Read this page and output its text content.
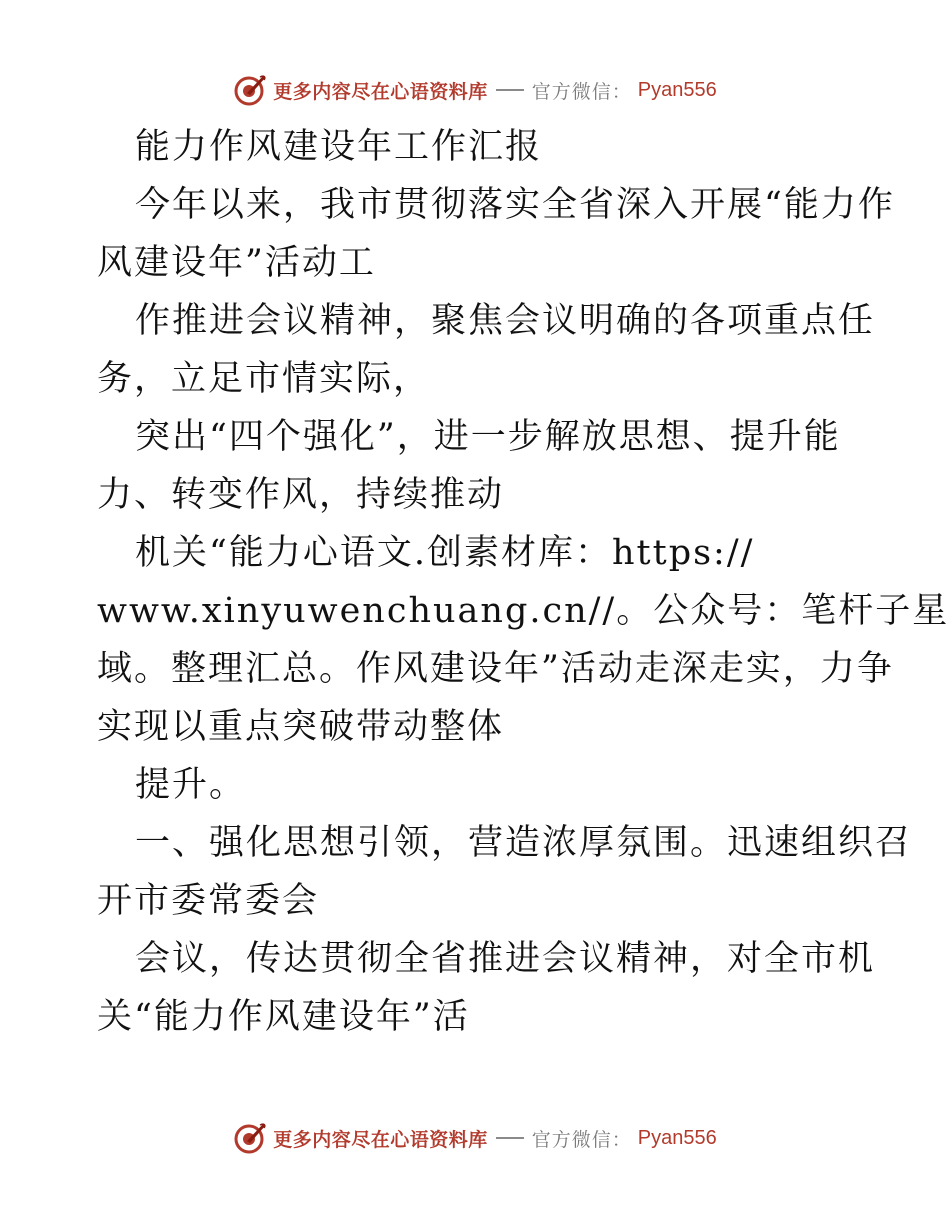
更多内容尽在心语资料库 官方微信： Pyan556
能力作风建设年工作汇报
今年以来，我市贯彻落实全省深入开展“能力作
风建设年”活动工
作推进会议精神，聚焦会议明确的各项重点任
务，立足市情实际，
突出“四个强化”，进一步解放思想、提升能
力、转变作风，持续推动
机关“能力心语文.创素材库：https://
www.xinyuwenchuang.cn//。公众号：笔杆子星
域。整理汇总。作风建设年”活动走深走实，力争
实现以重点突破带动整体
提升。
一、强化思想引领，营造浓厚氛围。迅速组织召
开市委常委会
会议，传达贯彻全省推进会议精神，对全市机
关“能力作风建设年”活
更多内容尽在心语资料库 官方微信： Pyan556
